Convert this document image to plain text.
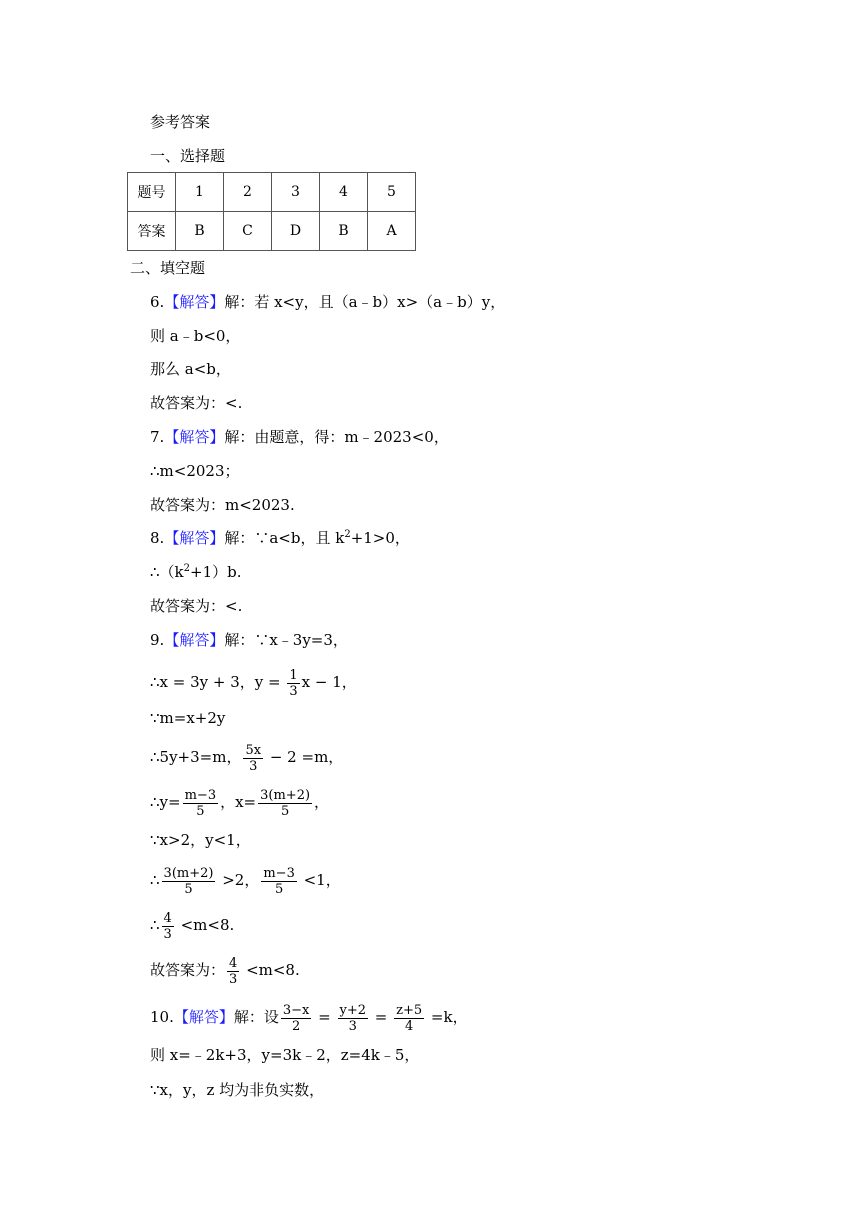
参考答案
一、选择题
题号	1	2	3	4	5
答案	B	C	D	B	A
二、填空题
6.【解答】解：若 x<y，且（a﹣b）x>（a﹣b）y，
则 a﹣b<0，
那么 a<b，
故答案为：<.
7.【解答】解：由题意，得：m﹣2023<0，
∴m<2023；
故答案为：m<2023.
8.【解答】解：∵a<b，且 $k^2+1>0$，
$\therefore(k^2+1)b$.
故答案为：<.
9.【解答】解：∵x﹣3y=3，
∴x = 3y + 3，$y = \frac{1}{3}$ x − 1，
∵m=x+2y
∴5y+3=m， $\frac{5x}{3} - 2 =m$，
∴y= $\frac{m-3}{5}$ ，$x= \frac{3(m+2)}{5}$ ，
∵x>2，y<1，
∴ $\frac{3(m+2)}{5} >2$， $\frac{m-3}{5} <1$，
∴ $\frac{4}{3} <m<8$.
故答案为： $\frac{4}{3} <m<8$.
10.【解答】解：设 $\frac{3-x}{2} = \frac{y+2}{3} = \frac{z+5}{4} =k$，
则 x=﹣2k+3，y=3k﹣2，z=4k﹣5，
∵x，y，z 均为非负实数，
